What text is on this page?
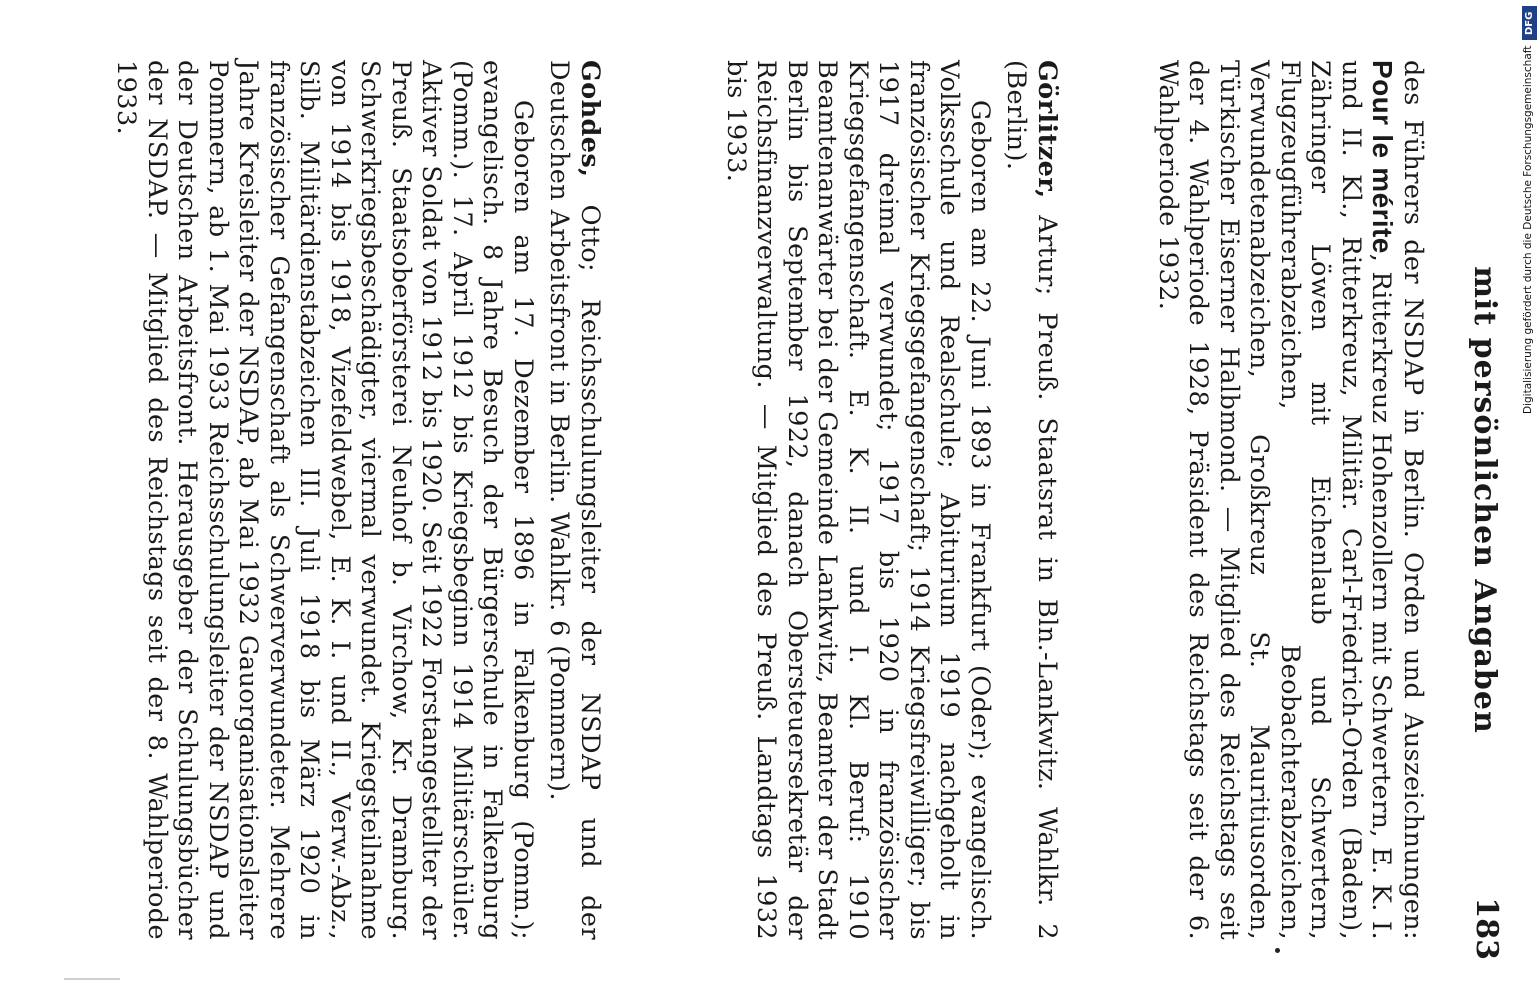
mit persönlichen Angaben
183

des Führers der NSDAP in Berlin. Orden und Auszeichnungen: Pour le mérite, Ritterkreuz Hohenzollern mit Schwertern, E. K. I. und II. Kl., Ritterkreuz, Militär. Carl-Friedrich-Orden (Baden), Zähringer Löwen mit Eichenlaub und Schwertern, Flugzeugführerabzeichen, Beobachterabzeichen, Verwundetenabzeichen, Großkreuz St. Mauritiusorden, Türkischer Eiserner Halbmond. — Mitglied des Reichstags seit der 4. Wahlperiode 1928, Präsident des Reichstags seit der 6. Wahlperiode 1932.

Görlitzer, Artur; Preuß. Staatsrat in Bln.-Lankwitz. Wahlkr. 2 (Berlin).

Geboren am 22. Juni 1893 in Frankfurt (Oder); evangelisch. Volksschule und Realschule; Abiturium 1919 nachgeholt in französischer Kriegsgefangenschaft; 1914 Kriegsfreiwilliger; bis 1917 dreimal verwundet; 1917 bis 1920 in französischer Kriegsgefangenschaft. E. K. II. und I. Kl. Beruf: 1910 Beamtenanwärter bei der Gemeinde Lankwitz, Beamter der Stadt Berlin bis September 1922, danach Obersteuersekretär der Reichsfinanzverwaltung. — Mitglied des Preuß. Landtags 1932 bis 1933.

Gohdes, Otto; Reichsschulungsleiter der NSDAP und der Deutschen Arbeitsfront in Berlin. Wahlkr. 6 (Pommern).

Geboren am 17. Dezember 1896 in Falkenburg (Pomm.); evangelisch. 8 Jahre Besuch der Bürgerschule in Falkenburg (Pomm.). 17. April 1912 bis Kriegsbeginn 1914 Militärschüler. Aktiver Soldat von 1912 bis 1920. Seit 1922 Forstangestellter der Preuß. Staatsoberförsterei Neuhof b. Virchow, Kr. Dramburg. Schwerkriegsbeschädigter, viermal verwundet. Kriegsteilnahme von 1914 bis 1918, Vizefeldwebel, E. K. I. und II., Verw.-Abz., Silb. Militärdienstabzeichen III. Juli 1918 bis März 1920 in französischer Gefangenschaft als Schwerverwundeter. Mehrere Jahre Kreisleiter der NSDAP, ab Mai 1932 Gauorganisationsleiter Pommern, ab 1. Mai 1933 Reichsschulungsleiter der NSDAP und der Deutschen Arbeitsfront. Herausgeber der Schulungsbücher der NSDAP. — Mitglied des Reichstags seit der 8. Wahlperiode 1933.

DFG
Digitalisierung gefördert durch die Deutsche Forschungsgemeinschaft
